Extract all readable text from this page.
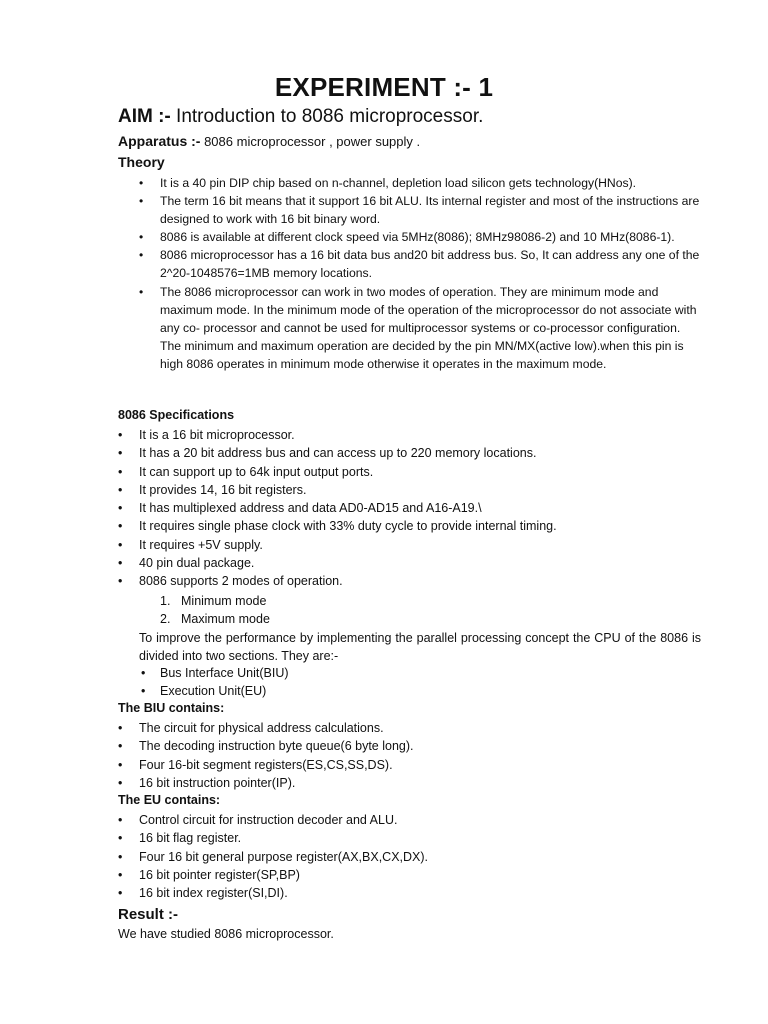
EXPERIMENT :- 1
AIM :- Introduction to 8086 microprocessor.
Apparatus :- 8086 microprocessor , power supply .
Theory
• It is a 40 pin DIP chip based on n-channel, depletion load silicon gets technology(HNos).
• The term 16 bit means that it support 16 bit ALU. Its internal register and most of the instructions are designed to work with 16 bit binary word.
• 8086 is available at different clock speed via 5MHz(8086); 8MHz98086-2) and 10 MHz(8086-1).
• 8086 microprocessor has a 16 bit data bus and20 bit address bus. So, It can address any one of the 2^20-1048576=1MB memory locations.
• The 8086 microprocessor can work in two modes of operation. They are minimum mode and maximum mode. In the minimum mode of the operation of the microprocessor do not associate with any co- processor and cannot be used for multiprocessor systems or co-processor configuration. The minimum and maximum operation are decided by the pin MN/MX(active low).when this pin is high 8086 operates in minimum mode otherwise it operates in the maximum mode.
8086 Specifications
• It is a 16 bit microprocessor.
• It has a 20 bit address bus and can access up to 220 memory locations.
• It can support up to 64k input output ports.
• It provides 14, 16 bit registers.
• It has multiplexed address and data AD0-AD15 and A16-A19.\
• It requires single phase clock with 33% duty cycle to provide internal timing.
• It requires +5V supply.
• 40 pin dual package.
• 8086 supports 2 modes of operation.
1. Minimum mode
2. Maximum mode
To improve the performance by implementing the parallel processing concept the CPU of the 8086 is divided into two sections. They are:-
• Bus Interface Unit(BIU)
• Execution Unit(EU)
The BIU contains:
• The circuit for physical address calculations.
• The decoding instruction byte queue(6 byte long).
• Four 16-bit segment registers(ES,CS,SS,DS).
• 16 bit instruction pointer(IP).
The EU contains:
• Control circuit for instruction decoder and ALU.
• 16 bit flag register.
• Four 16 bit general purpose register(AX,BX,CX,DX).
• 16 bit pointer register(SP,BP)
• 16 bit index register(SI,DI).
Result :-
We have studied 8086 microprocessor.
